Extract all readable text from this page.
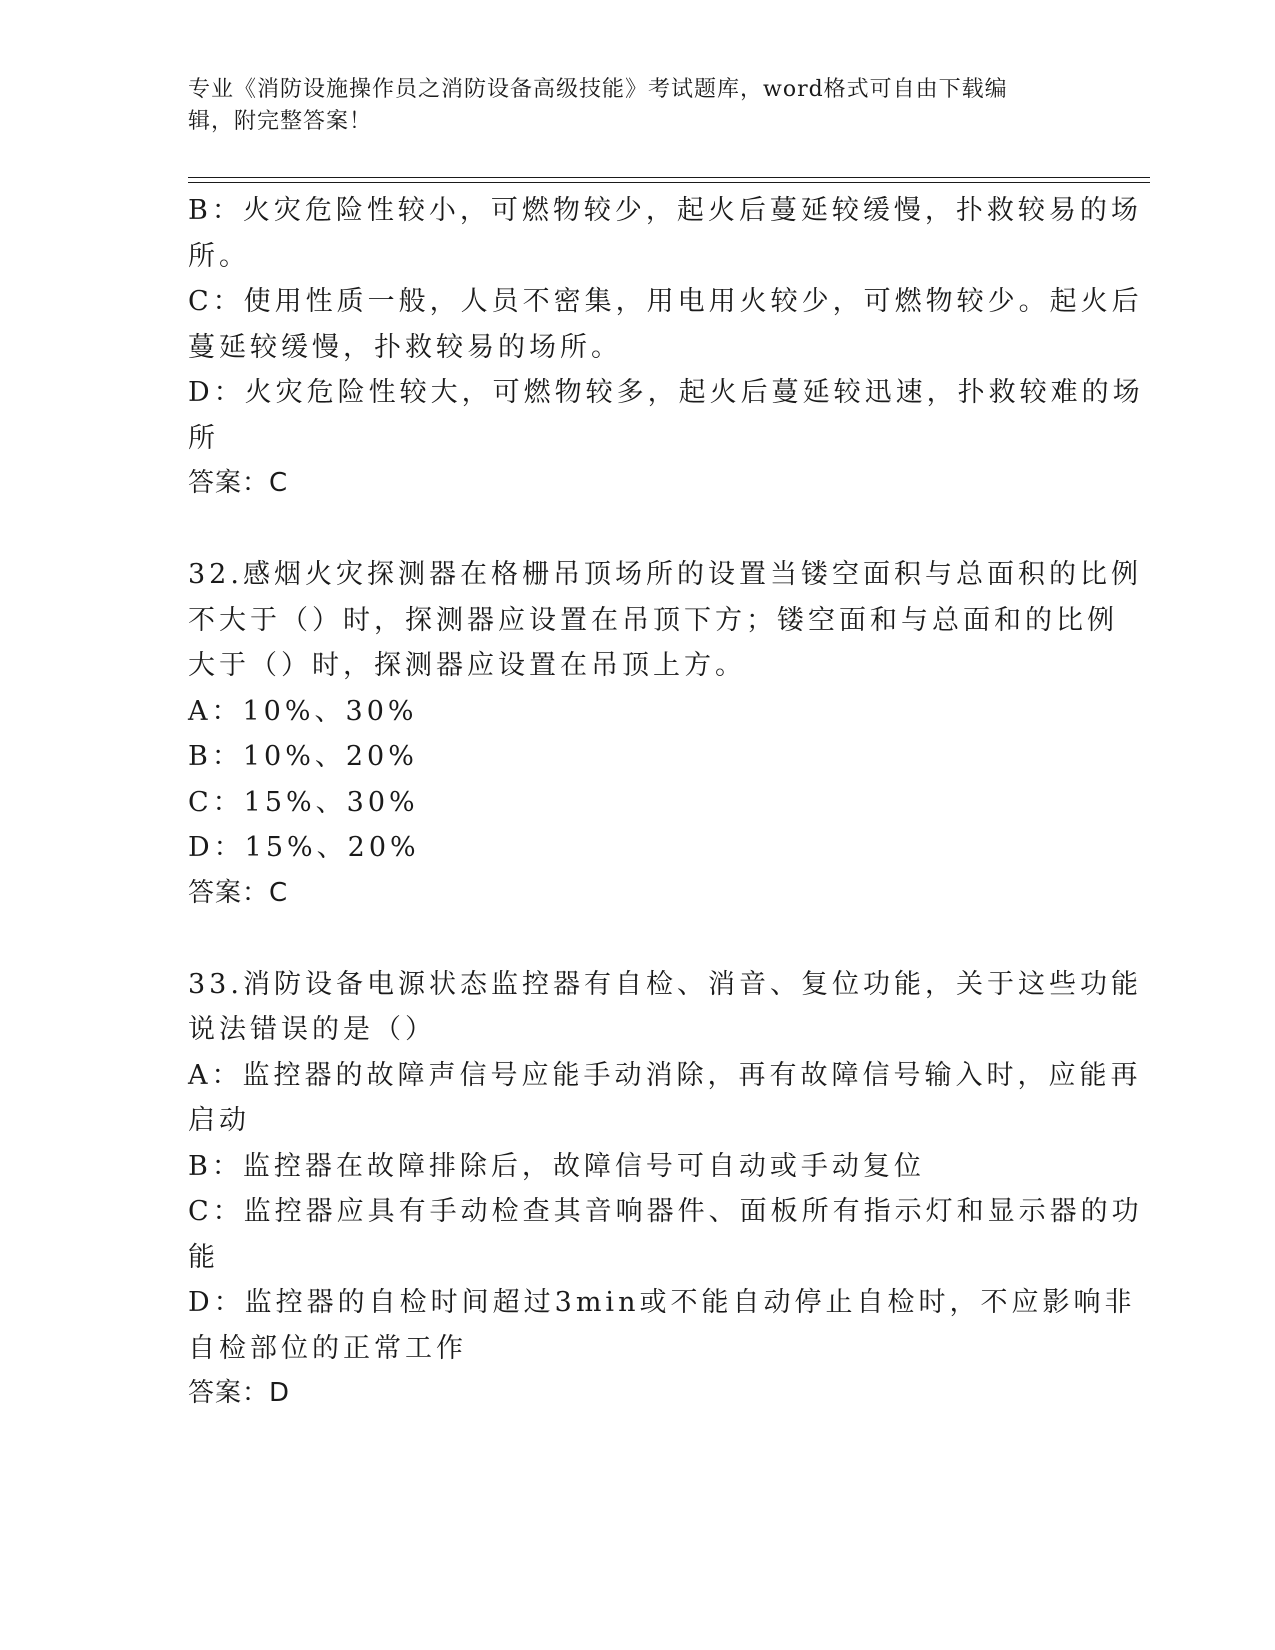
专业《消防设施操作员之消防设备高级技能》考试题库，word格式可自由下载编
辑，附完整答案！
B：火灾危险性较小，可燃物较少，起火后蔓延较缓慢，扑救较易的场
所。
C：使用性质一般，人员不密集，用电用火较少，可燃物较少。起火后
蔓延较缓慢，扑救较易的场所。
D：火灾危险性较大，可燃物较多，起火后蔓延较迅速，扑救较难的场
所
答案：C
32.感烟火灾探测器在格栅吊顶场所的设置当镂空面积与总面积的比例
不大于（）时，探测器应设置在吊顶下方；镂空面和与总面和的比例
大于（）时，探测器应设置在吊顶上方。
A：10%、30%
B：10%、20%
C：15%、30%
D：15%、20%
答案：C
33.消防设备电源状态监控器有自检、消音、复位功能，关于这些功能
说法错误的是（）
A：监控器的故障声信号应能手动消除，再有故障信号输入时，应能再
启动
B：监控器在故障排除后，故障信号可自动或手动复位
C：监控器应具有手动检查其音响器件、面板所有指示灯和显示器的功
能
D：监控器的自检时间超过3min或不能自动停止自检时，不应影响非
自检部位的正常工作
答案：D
